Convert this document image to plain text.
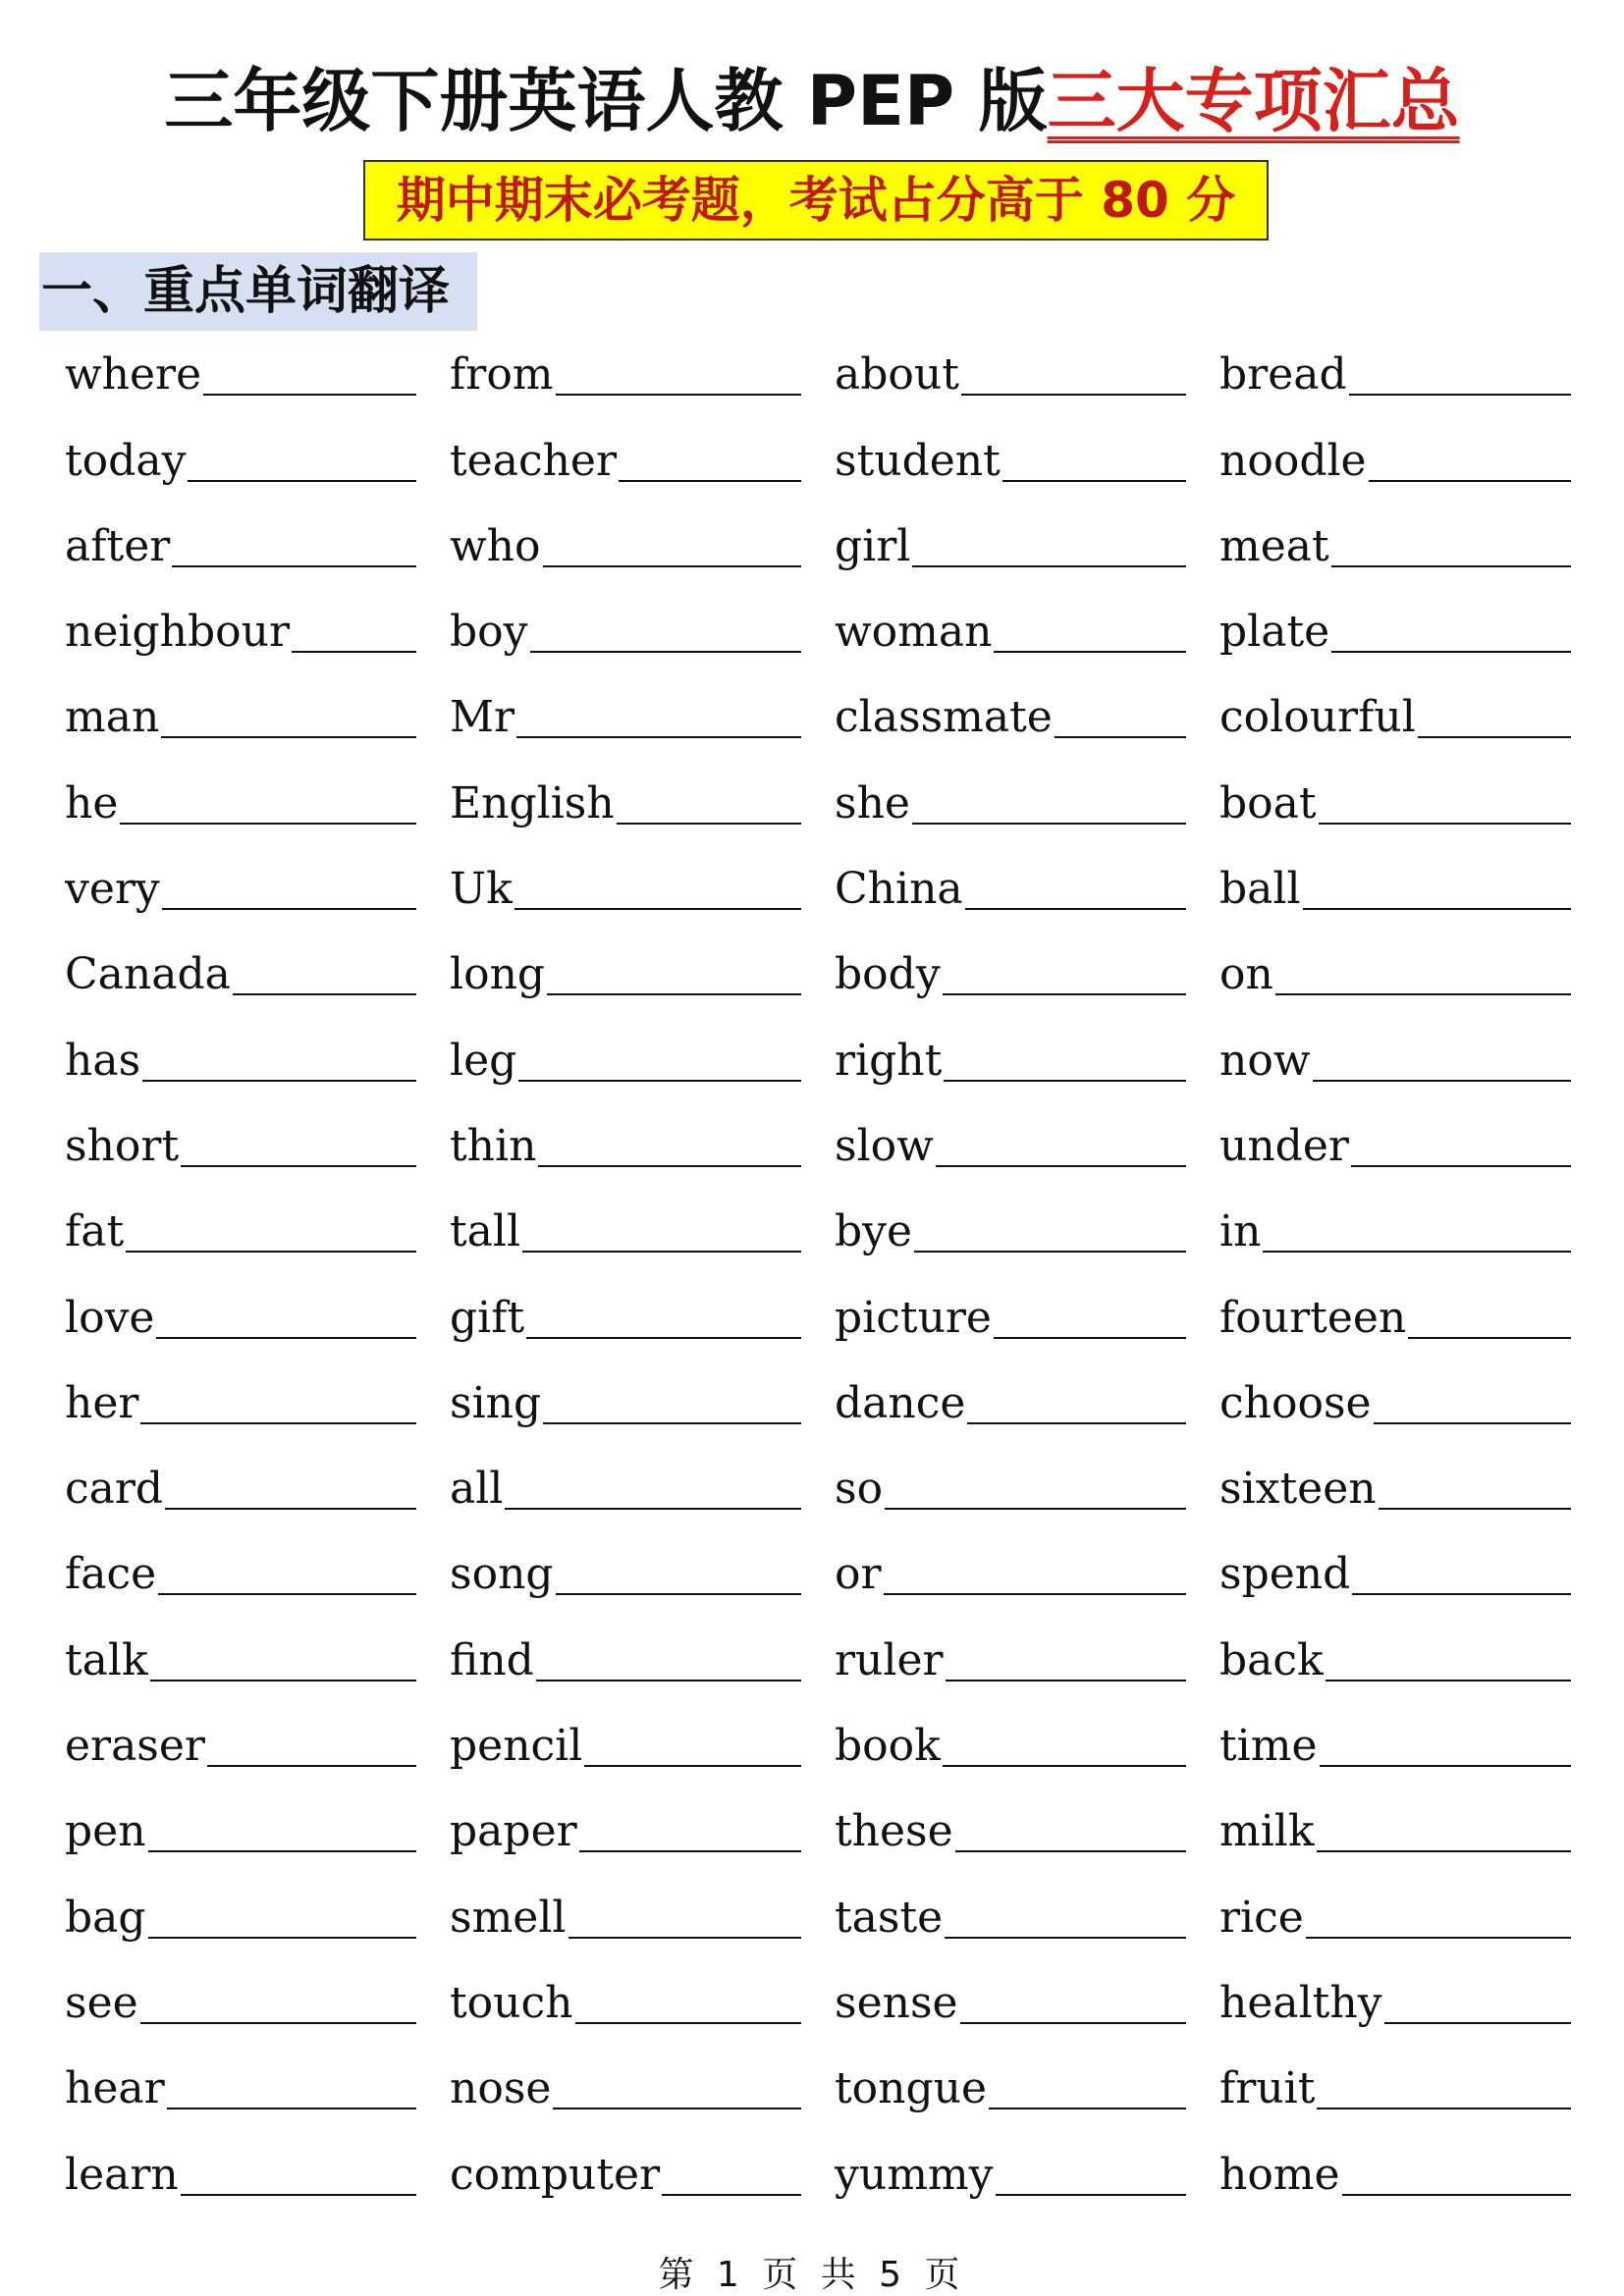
三年级下册英语人教 PEP 版三大专项汇总
期中期末必考题，考试占分高于 80 分
一、重点单词翻译
where	from	about	bread
today	teacher	student	noodle
after	who	girl	meat
neighbour	boy	woman	plate
man	Mr	classmate	colourful
he	English	she	boat
very	Uk	China	ball
Canada	long	body	on
has	leg	right	now
short	thin	slow	under
fat	tall	bye	in
love	gift	picture	fourteen
her	sing	dance	choose
card	all	so	sixteen
face	song	or	spend
talk	find	ruler	back
eraser	pencil	book	time
pen	paper	these	milk
bag	smell	taste	rice
see	touch	sense	healthy
hear	nose	tongue	fruit
learn	computer	yummy	home
第 1 页 共 5 页
